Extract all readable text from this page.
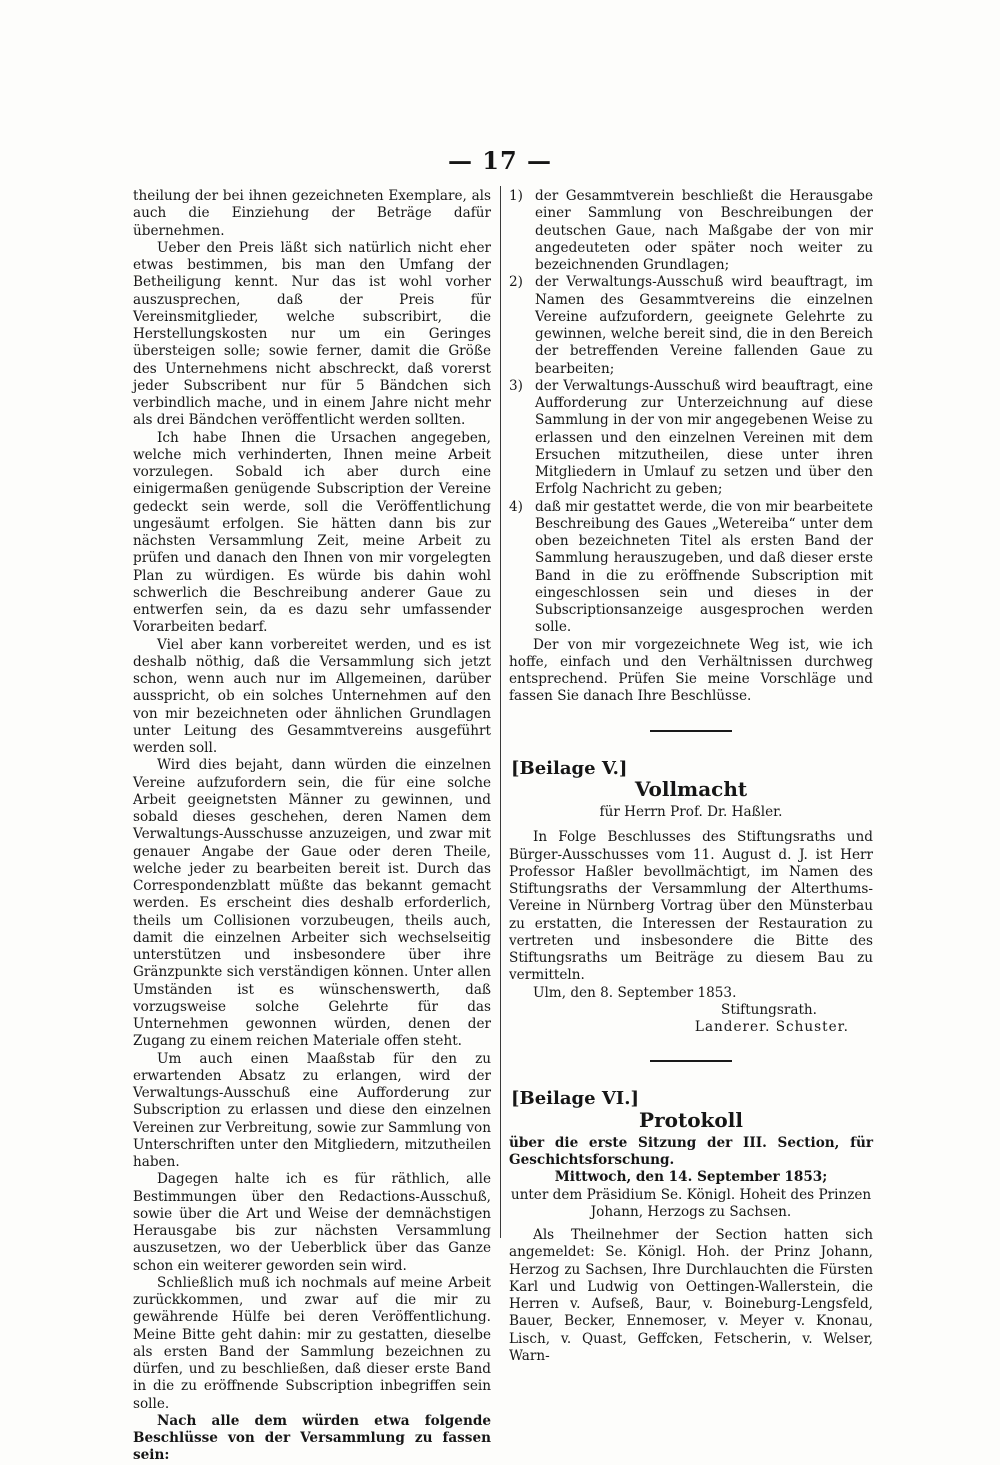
— 17 —

theilung der bei ihnen gezeichneten Exemplare, als auch die Einziehung der Beträge dafür übernehmen.

Ueber den Preis läßt sich natürlich nicht eher etwas bestimmen, bis man den Umfang der Betheiligung kennt. Nur das ist wohl vorher auszusprechen, daß der Preis für Vereinsmitglieder, welche subscribirt, die Herstellungskosten nur um ein Geringes übersteigen solle; sowie ferner, damit die Größe des Unternehmens nicht abschreckt, daß vorerst jeder Subscribent nur für 5 Bändchen sich verbindlich mache, und in einem Jahre nicht mehr als drei Bändchen veröffentlicht werden sollten.

Ich habe Ihnen die Ursachen angegeben, welche mich verhinderten, Ihnen meine Arbeit vorzulegen. Sobald ich aber durch eine einigermaßen genügende Subscription der Vereine gedeckt sein werde, soll die Veröffentlichung ungesäumt erfolgen. Sie hätten dann bis zur nächsten Versammlung Zeit, meine Arbeit zu prüfen und danach den Ihnen von mir vorgelegten Plan zu würdigen. Es würde bis dahin wohl schwerlich die Beschreibung anderer Gaue zu entwerfen sein, da es dazu sehr umfassender Vorarbeiten bedarf.

Viel aber kann vorbereitet werden, und es ist deshalb nöthig, daß die Versammlung sich jetzt schon, wenn auch nur im Allgemeinen, darüber ausspricht, ob ein solches Unternehmen auf den von mir bezeichneten oder ähnlichen Grundlagen unter Leitung des Gesammtvereins ausgeführt werden soll.

Wird dies bejaht, dann würden die einzelnen Vereine aufzufordern sein, die für eine solche Arbeit geeignetsten Männer zu gewinnen, und sobald dieses geschehen, deren Namen dem Verwaltungs-Ausschusse anzuzeigen, und zwar mit genauer Angabe der Gaue oder deren Theile, welche jeder zu bearbeiten bereit ist. Durch das Correspondenzblatt müßte das bekannt gemacht werden. Es erscheint dies deshalb erforderlich, theils um Collisionen vorzubeugen, theils auch, damit die einzelnen Arbeiter sich wechselseitig unterstützen und insbesondere über ihre Gränzpunkte sich verständigen können. Unter allen Umständen ist es wünschenswerth, daß vorzugsweise solche Gelehrte für das Unternehmen gewonnen würden, denen der Zugang zu einem reichen Materiale offen steht.

Um auch einen Maaßstab für den zu erwartenden Absatz zu erlangen, wird der Verwaltungs-Ausschuß eine Aufforderung zur Subscription zu erlassen und diese den einzelnen Vereinen zur Verbreitung, sowie zur Sammlung von Unterschriften unter den Mitgliedern, mitzutheilen haben.

Dagegen halte ich es für räthlich, alle Bestimmungen über den Redactions-Ausschuß, sowie über die Art und Weise der demnächstigen Herausgabe bis zur nächsten Versammlung auszusetzen, wo der Ueberblick über das Ganze schon ein weiterer geworden sein wird.

Schließlich muß ich nochmals auf meine Arbeit zurückkommen, und zwar auf die mir zu gewährende Hülfe bei deren Veröffentlichung. Meine Bitte geht dahin: mir zu gestatten, dieselbe als ersten Band der Sammlung bezeichnen zu dürfen, und zu beschließen, daß dieser erste Band in die zu eröffnende Subscription inbegriffen sein solle.

Nach alle dem würden etwa folgende Beschlüsse von der Versammlung zu fassen sein:

1) der Gesammtverein beschließt die Herausgabe einer Sammlung von Beschreibungen der deutschen Gaue, nach Maßgabe der von mir angedeuteten oder später noch weiter zu bezeichnenden Grundlagen;
2) der Verwaltungs-Ausschuß wird beauftragt, im Namen des Gesammtvereins die einzelnen Vereine aufzufordern, geeignete Gelehrte zu gewinnen, welche bereit sind, die in den Bereich der betreffenden Vereine fallenden Gaue zu bearbeiten;
3) der Verwaltungs-Ausschuß wird beauftragt, eine Aufforderung zur Unterzeichnung auf diese Sammlung in der von mir angegebenen Weise zu erlassen und den einzelnen Vereinen mit dem Ersuchen mitzutheilen, diese unter ihren Mitgliedern in Umlauf zu setzen und über den Erfolg Nachricht zu geben;
4) daß mir gestattet werde, die von mir bearbeitete Beschreibung des Gaues „Wetereiba“ unter dem oben bezeichneten Titel als ersten Band der Sammlung herauszugeben, und daß dieser erste Band in die zu eröffnende Subscription mit eingeschlossen sein und dieses in der Subscriptionsanzeige ausgesprochen werden solle.

Der von mir vorgezeichnete Weg ist, wie ich hoffe, einfach und den Verhältnissen durchweg entsprechend. Prüfen Sie meine Vorschläge und fassen Sie danach Ihre Beschlüsse.

[Beilage V.]
Vollmacht
für Herrn Prof. Dr. Haßler.

In Folge Beschlusses des Stiftungsraths und Bürger-Ausschusses vom 11. August d. J. ist Herr Professor Haßler bevollmächtigt, im Namen des Stiftungsraths der Versammlung der Alterthums-Vereine in Nürnberg Vortrag über den Münsterbau zu erstatten, die Interessen der Restauration zu vertreten und insbesondere die Bitte des Stiftungsraths um Beiträge zu diesem Bau zu vermitteln.

Ulm, den 8. September 1853.

Stiftungsrath.

Landerer. Schuster.

[Beilage VI.]
Protokoll

über die erste Sitzung der III. Section, für Geschichtsforschung.

Mittwoch, den 14. September 1853;

unter dem Präsidium Se. Königl. Hoheit des Prinzen Johann, Herzogs zu Sachsen.

Als Theilnehmer der Section hatten sich angemeldet: Se. Königl. Hoh. der Prinz Johann, Herzog zu Sachsen, Ihre Durchlauchten die Fürsten Karl und Ludwig von Oettingen-Wallerstein, die Herren v. Aufseß, Baur, v. Boineburg-Lengsfeld, Bauer, Becker, Ennemoser, v. Meyer v. Knonau, Lisch, v. Quast, Geffcken, Fetscherin, v. Welser, Warn-
